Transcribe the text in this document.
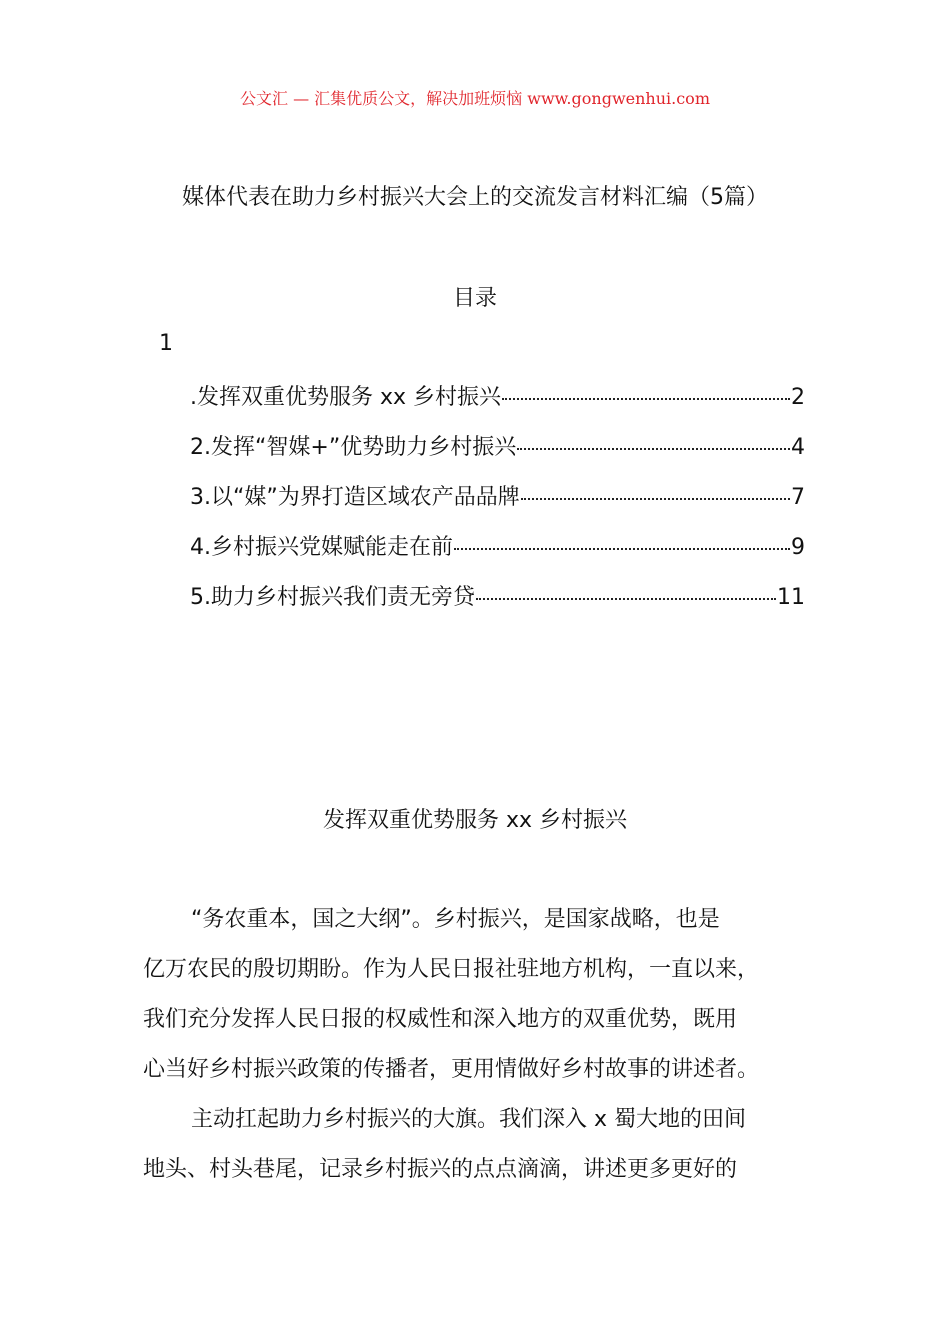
公文汇 — 汇集优质公文，解决加班烦恼 www.gongwenhui.com
媒体代表在助力乡村振兴大会上的交流发言材料汇编（5篇）
目录
1
.发挥双重优势服务 xx 乡村振兴	2
2.发挥“智媒+”优势助力乡村振兴	4
3.以“媒”为界打造区域农产品品牌	7
4.乡村振兴党媒赋能走在前	9
5.助力乡村振兴我们责无旁贷	11
发挥双重优势服务 xx 乡村振兴

“务农重本，国之大纲”。乡村振兴，是国家战略，也是
亿万农民的殷切期盼。作为人民日报社驻地方机构，一直以来，
我们充分发挥人民日报的权威性和深入地方的双重优势，既用
心当好乡村振兴政策的传播者，更用情做好乡村故事的讲述者。

主动扛起助力乡村振兴的大旗。我们深入 x 蜀大地的田间
地头、村头巷尾，记录乡村振兴的点点滴滴，讲述更多更好的
